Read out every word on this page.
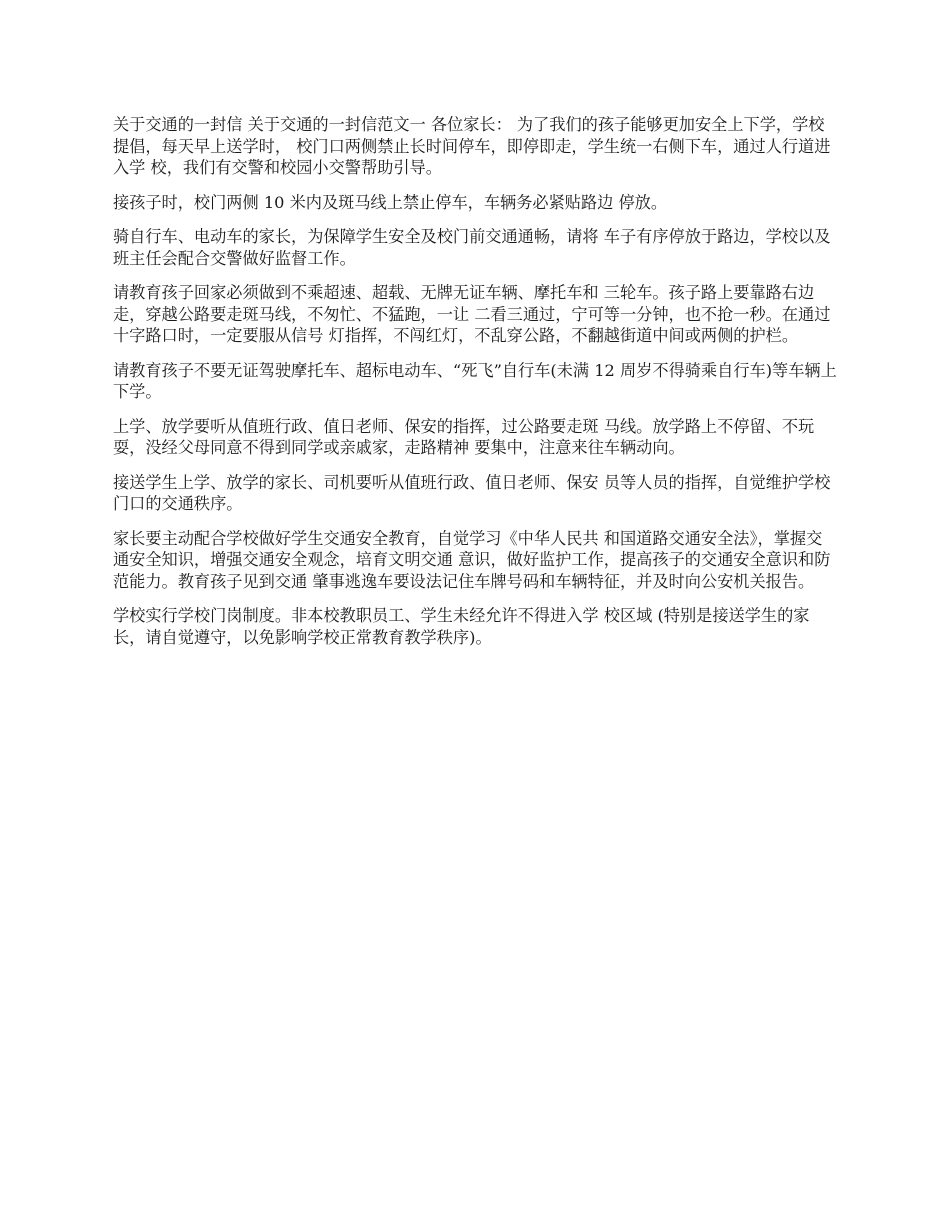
关于交通的一封信 关于交通的一封信范文一 各位家长： 为了我们的孩子能够更加安全上下学，学校提倡，每天早上送学时， 校门口两侧禁止长时间停车，即停即走，学生统一右侧下车，通过人行道进入学 校，我们有交警和校园小交警帮助引导。

接孩子时，校门两侧 10 米内及斑马线上禁止停车，车辆务必紧贴路边 停放。

骑自行车、电动车的家长，为保障学生安全及校门前交通通畅，请将 车子有序停放于路边，学校以及班主任会配合交警做好监督工作。

请教育孩子回家必须做到不乘超速、超载、无牌无证车辆、摩托车和 三轮车。孩子路上要靠路右边走，穿越公路要走斑马线，不匆忙、不猛跑，一让 二看三通过，宁可等一分钟，也不抢一秒。在通过十字路口时，一定要服从信号 灯指挥，不闯红灯，不乱穿公路，不翻越街道中间或两侧的护栏。

请教育孩子不要无证驾驶摩托车、超标电动车、“死飞”自行车(未满 12 周岁不得骑乘自行车)等车辆上下学。

上学、放学要听从值班行政、值日老师、保安的指挥，过公路要走斑 马线。放学路上不停留、不玩耍，没经父母同意不得到同学或亲戚家，走路精神 要集中，注意来往车辆动向。

接送学生上学、放学的家长、司机要听从值班行政、值日老师、保安 员等人员的指挥，自觉维护学校门口的交通秩序。

家长要主动配合学校做好学生交通安全教育，自觉学习《中华人民共 和国道路交通安全法》，掌握交通安全知识，增强交通安全观念，培育文明交通 意识，做好监护工作，提高孩子的交通安全意识和防范能力。教育孩子见到交通 肇事逃逸车要设法记住车牌号码和车辆特征，并及时向公安机关报告。

学校实行学校门岗制度。非本校教职员工、学生未经允许不得进入学 校区域 (特别是接送学生的家长，请自觉遵守，以免影响学校正常教育教学秩序)。
